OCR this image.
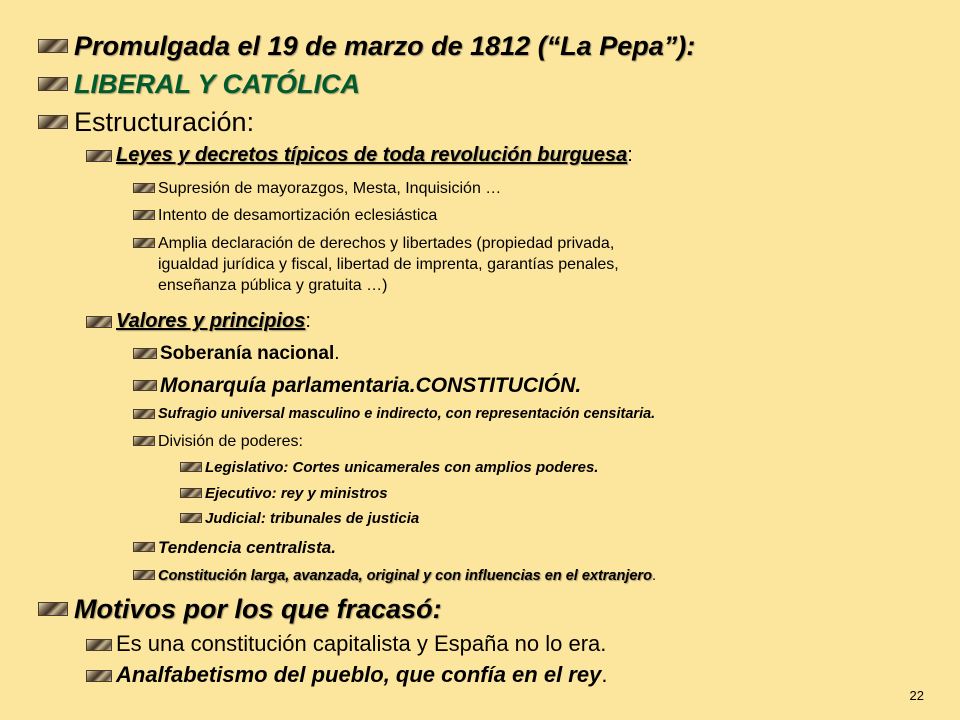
Promulgada el 19 de marzo de 1812 (“La Pepa”):
LIBERAL Y CATÓLICA
Estructuración:
Leyes y decretos típicos de toda revolución burguesa :
Supresión de mayorazgos, Mesta, Inquisición …
Intento de desamortización eclesiástica
Amplia declaración de derechos y libertades (propiedad privada,
igualdad jurídica y fiscal, libertad de imprenta, garantías penales,
enseñanza pública y gratuita …)
Valores y principios :
Soberanía nacional .
Monarquía parlamentaria.CONSTITUCIÓN.
Sufragio universal masculino e indirecto, con representación censitaria.
División de poderes:
Legislativo: Cortes unicamerales con amplios poderes.
Ejecutivo: rey y ministros
Judicial: tribunales de justicia
Tendencia centralista.
Constitución larga, avanzada, original y con influencias en el extranjero .
Motivos por los que fracasó:
Es una constitución capitalista y España no lo era.
Analfabetismo del pueblo, que confía en el rey .
22
